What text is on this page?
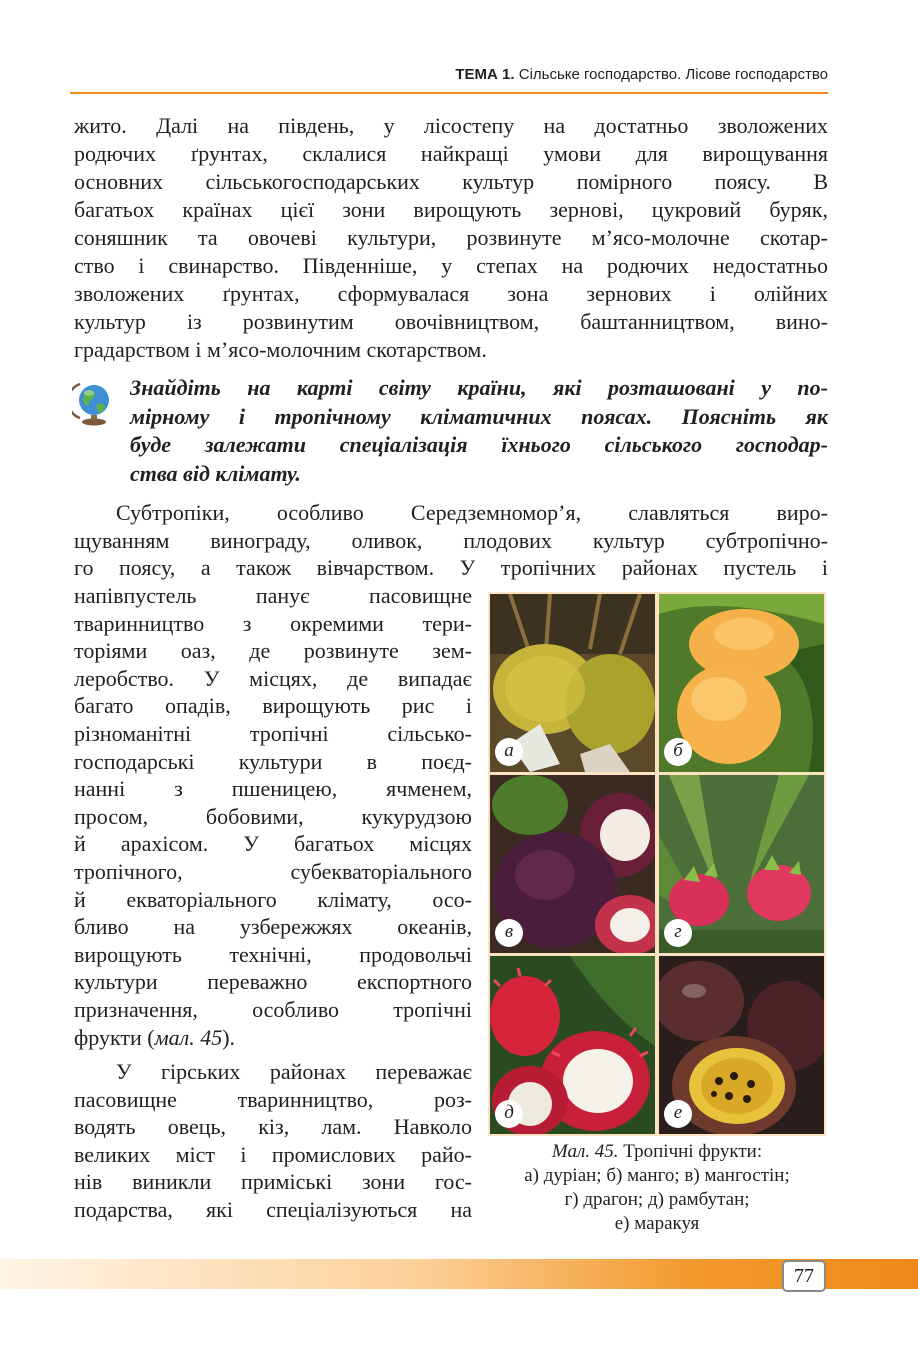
ТЕМА 1. Сільське господарство. Лісове господарство
жито. Далі на південь, у лісостепу на достатньо зволожених
родючих ґрунтах, склалися найкращі умови для вирощування
основних сільськогосподарських культур помірного поясу. В
багатьох країнах цієї зони вирощують зернові, цукровий буряк,
соняшник та овочеві культури, розвинуте м’ясо-молочне скотар-
ство і свинарство. Південніше, у степах на родючих недостатньо
зволожених ґрунтах, сформувалася зона зернових і олійних
культур із розвинутим овочівництвом, баштанництвом, вино-
градарством і м’ясо-молочним скотарством.
Знайдіть на карті світу країни, які розташовані у по-
мірному і тропічному кліматичних поясах. Поясніть як
буде залежати спеціалізація їхнього сільського господар-
ства від клімату.
Субтропіки, особливо Середземномор’я, славляться виро-
щуванням винограду, оливок, плодових культур субтропічно-
го поясу, а також вівчарством. У тропічних районах пустель і
напівпустель панує пасовищне
тваринництво з окремими тери-
торіями оаз, де розвинуте зем-
леробство. У місцях, де випадає
багато опадів, вирощують рис і
різноманітні тропічні сільсько-
господарські культури в поєд-
нанні з пшеницею, ячменем,
просом, бобовими, кукурудзою
й арахісом. У багатьох місцях
тропічного, субекваторіального
й екваторіального клімату, осо-
бливо на узбережжях океанів,
вирощують технічні, продовольчі
культури переважно експортного
призначення, особливо тропічні
фрукти (мал. 45).
У гірських районах переважає
пасовищне тваринництво, роз-
водять овець, кіз, лам. Навколо
великих міст і промислових райо-
нів виникли приміські зони гос-
подарства, які спеціалізуються на
а	б
в	г
д	е
Мал. 45. Тропічні фрукти:
а) дуріан; б) манго; в) мангостін;
г) драгон; д) рамбутан;
е) маракуя
77
